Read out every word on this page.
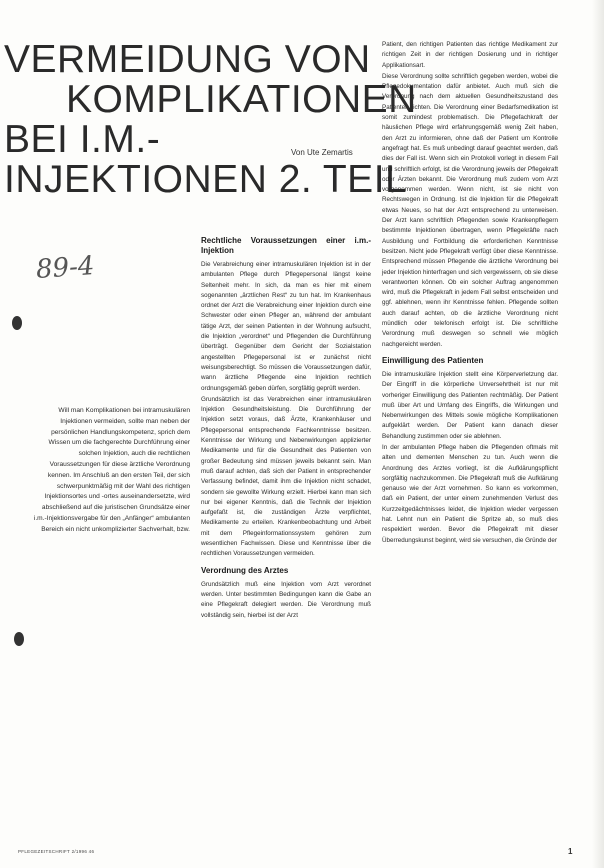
VERMEIDUNG VON
KOMPLIKATIONEN
BEI I.M.-
INJEKTIONEN 2. TEIL
Von Ute Zemartis
89-4
Will man Komplikationen bei intramuskulären Injektionen vermeiden, sollte man neben der persönlichen Handlungskompetenz, sprich dem Wissen um die fachgerechte Durchführung einer solchen Injektion, auch die rechtlichen Voraussetzungen für diese ärztliche Verordnung kennen. Im Anschluß an den ersten Teil, der sich schwerpunktmäßig mit der Wahl des richtigen Injektionsortes und -ortes auseinandersetzte, wird abschließend auf die juristischen Grundsätze einer i.m.-Injektionsvergabe für den „Anfänger“ ambulanten Bereich ein nicht unkomplizierter Sachverhalt, bzw.
Rechtliche Voraussetzungen einer i.m.-Injektion

Die Verabreichung einer intramuskulären Injektion ist in der ambulanten Pflege durch Pflegepersonal längst keine Seltenheit mehr. In sich, da man es hier mit einem sogenannten „ärztlichen Rest“ zu tun hat. Im Krankenhaus ordnet der Arzt die Verabreichung einer Injektion durch eine Schwester oder einen Pfleger an, während der ambulant tätige Arzt, der seinen Patienten in der Wohnung aufsucht, die Injektion „verordnet“ und Pflegenden die Durchführung überträgt. Gegenüber dem Gericht der Sozialstation angestellten Pflegepersonal ist er zunächst nicht weisungsberechtigt. So müssen die Voraussetzungen dafür, wann ärztliche Pflegende eine Injektion rechtlich ordnungsgemäß geben dürfen, sorgfältig geprüft werden.

Grundsätzlich ist das Verabreichen einer intramuskulären Injektion Gesundheitsleistung. Die Durchführung der Injektion setzt voraus, daß Ärzte, Krankenhäuser und Pflegepersonal entsprechende Fachkenntnisse besitzen. Kenntnisse der Wirkung und Nebenwirkungen applizierter Medikamente und für die Gesundheit des Patienten von großer Bedeutung sind müssen jeweils bekannt sein. Man muß darauf achten, daß sich der Patient in entsprechender Verfassung befindet, damit ihm die Injektion nicht schadet, sondern sie gewollte Wirkung erzielt. Hierbei kann man sich nur bei eigener Kenntnis, daß die Technik der Injektion aufgefaßt ist, die zuständigen Ärzte verpflichtet, Medikamente zu erteilen. Krankenbeobachtung und Arbeit mit dem Pflegeinformationssystem gehören zum wesentlichen Fachwissen. Diese und Kenntnisse über die rechtlichen Voraussetzungen vermeiden.

Verordnung des Arztes

Grundsätzlich muß eine Injektion vom Arzt verordnet werden. Unter bestimmten Bedingungen kann die Gabe an eine Pflegekraft delegiert werden. Die Verordnung muß vollständig sein, hierbei ist der Arzt

Patient, den richtigen Patienten das richtige Medikament zur richtigen Zeit in der richtigen Dosierung und in richtiger Applikationsart.

Diese Verordnung sollte schriftlich gegeben werden, wobei die Pflegedokumentation dafür anbietet. Auch muß sich die Verordnung nach dem aktuellen Gesundheitszustand des Patienten richten. Die Verordnung einer Bedarfsmedikation ist somit zumindest problematisch. Die Pflegefachkraft der häuslichen Pflege wird erfahrungsgemäß wenig Zeit haben, den Arzt zu informieren, ohne daß der Patient um Kontrolle angefragt hat. Es muß unbedingt darauf geachtet werden, daß dies der Fall ist. Wenn sich ein Protokoll vorlegt in diesem Fall und schriftlich erfolgt, ist die Verordnung jeweils der Pflegekraft oder Ärzten bekannt. Die Verordnung muß zudem vom Arzt vorgenommen werden. Wenn nicht, ist sie nicht von Rechtswegen in Ordnung. Ist die Injektion für die Pflegekraft etwas Neues, so hat der Arzt entsprechend zu unterweisen. Der Arzt kann schriftlich Pflegenden sowie Krankenpflegern bestimmte Injektionen übertragen, wenn Pflegekräfte nach Ausbildung und Fortbildung die erforderlichen Kenntnisse besitzen. Nicht jede Pflegekraft verfügt über diese Kenntnisse. Entsprechend müssen Pflegende die ärztliche Verordnung bei jeder Injektion hinterfragen und sich vergewissern, ob sie diese verantworten können. Ob ein solcher Auftrag angenommen wird, muß die Pflegekraft in jedem Fall selbst entscheiden und ggf. ablehnen, wenn ihr Kenntnisse fehlen. Pflegende sollten auch darauf achten, ob die ärztliche Verordnung nicht mündlich oder telefonisch erfolgt ist. Die schriftliche Verordnung muß deswegen so schnell wie möglich nachgereicht werden.

Einwilligung des Patienten

Die intramuskuläre Injektion stellt eine Körperverletzung dar. Der Eingriff in die körperliche Unversehrtheit ist nur mit vorheriger Einwilligung des Patienten rechtmäßig. Der Patient muß über Art und Umfang des Eingriffs, die Wirkungen und Nebenwirkungen des Mittels sowie mögliche Komplikationen aufgeklärt werden. Der Patient kann danach dieser Behandlung zustimmen oder sie ablehnen.

In der ambulanten Pflege haben die Pflegenden oftmals mit alten und dementen Menschen zu tun. Auch wenn die Anordnung des Arztes vorliegt, ist die Aufklärungspflicht sorgfältig nachzukommen. Die Pflegekraft muß die Aufklärung genauso wie der Arzt vornehmen. So kann es vorkommen, daß ein Patient, der unter einem zunehmenden Verlust des Kurzzeitgedächtnisses leidet, die Injektion wieder vergessen hat. Lehnt nun ein Patient die Spritze ab, so muß dies respektiert werden. Bevor die Pflegekraft mit dieser Überredungskunst beginnt, wird sie versuchen, die Gründe der

PFLEGEZEITSCHRIFT 2/1996 46	1
